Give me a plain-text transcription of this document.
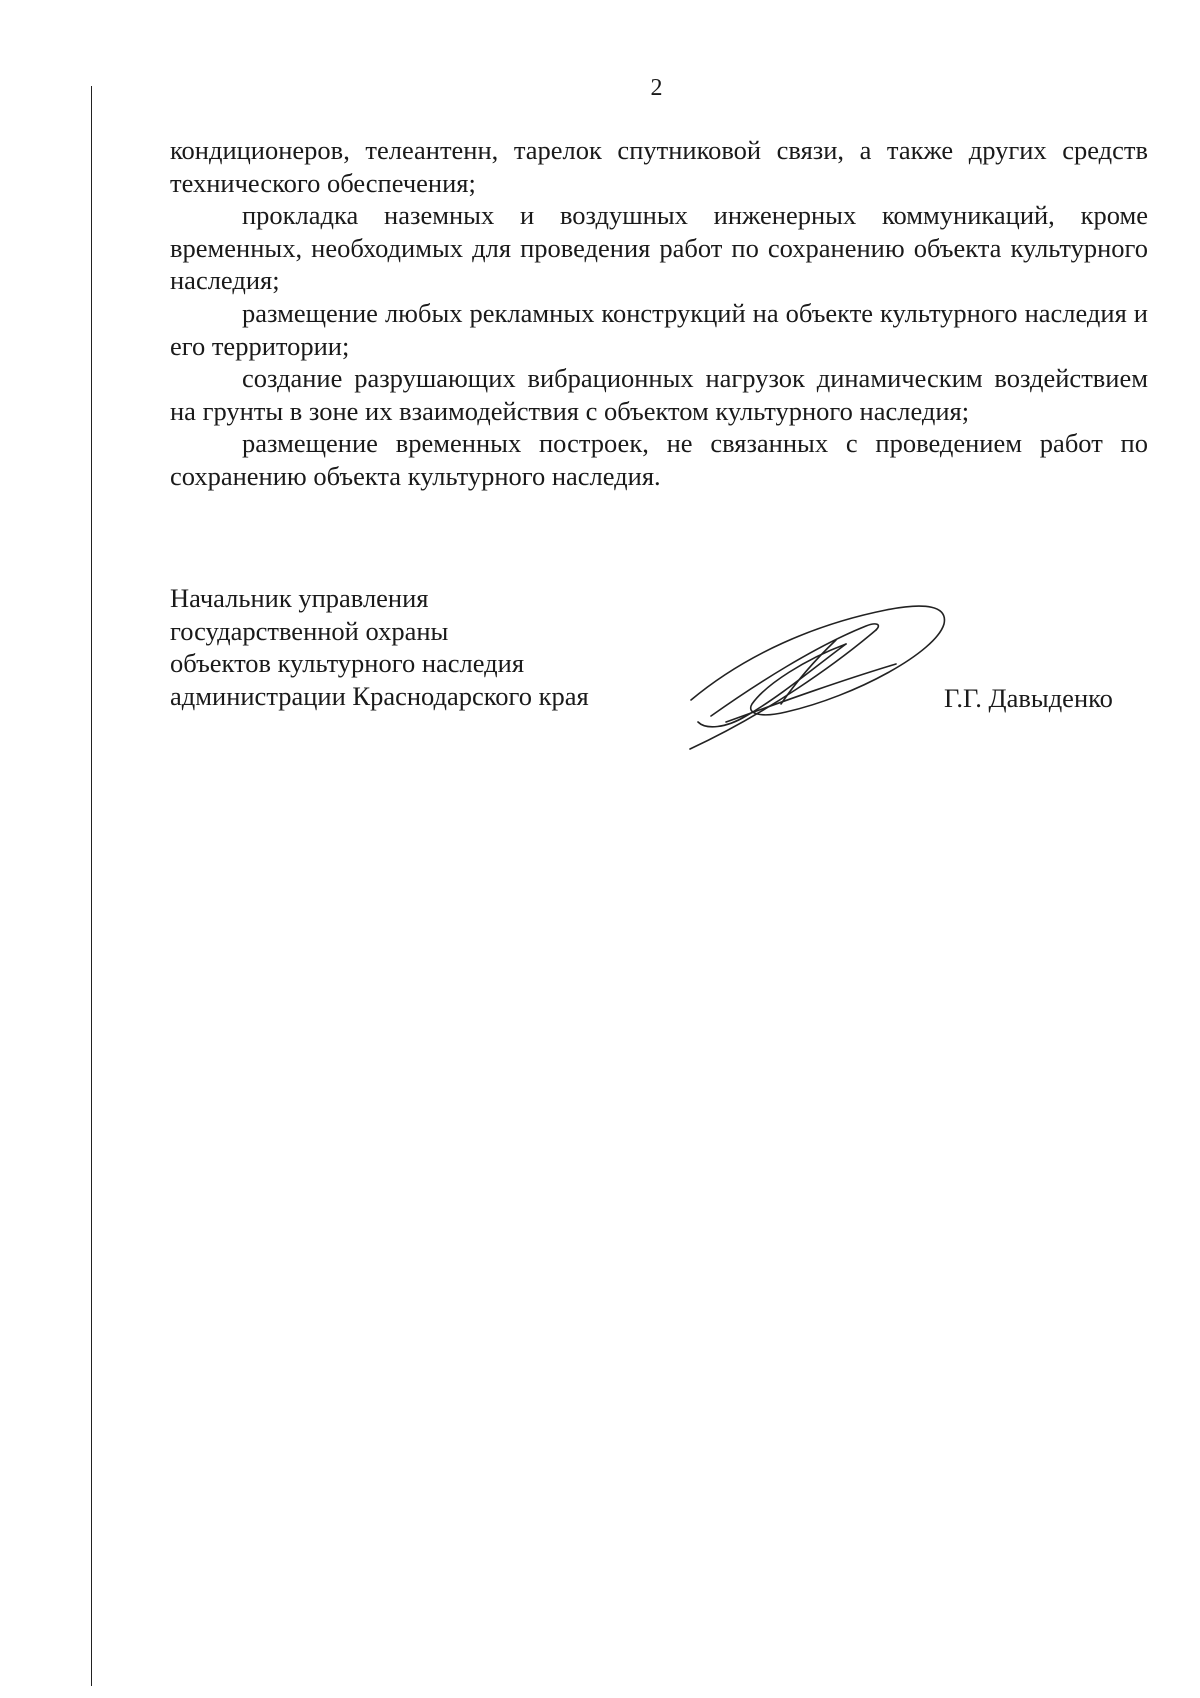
2

кондиционеров, телеантенн, тарелок спутниковой связи, а также других средств технического обеспечения;

прокладка наземных и воздушных инженерных коммуникаций, кроме временных, необходимых для проведения работ по сохранению объекта культурного наследия;

размещение любых рекламных конструкций на объекте культурного наследия и его территории;

создание разрушающих вибрационных нагрузок динамическим воздействием на грунты в зоне их взаимодействия с объектом культурного наследия;

размещение временных построек, не связанных с проведением работ по сохранению объекта культурного наследия.

Начальник управления
государственной охраны
объектов культурного наследия
администрации Краснодарского края	Г.Г. Давыденко
